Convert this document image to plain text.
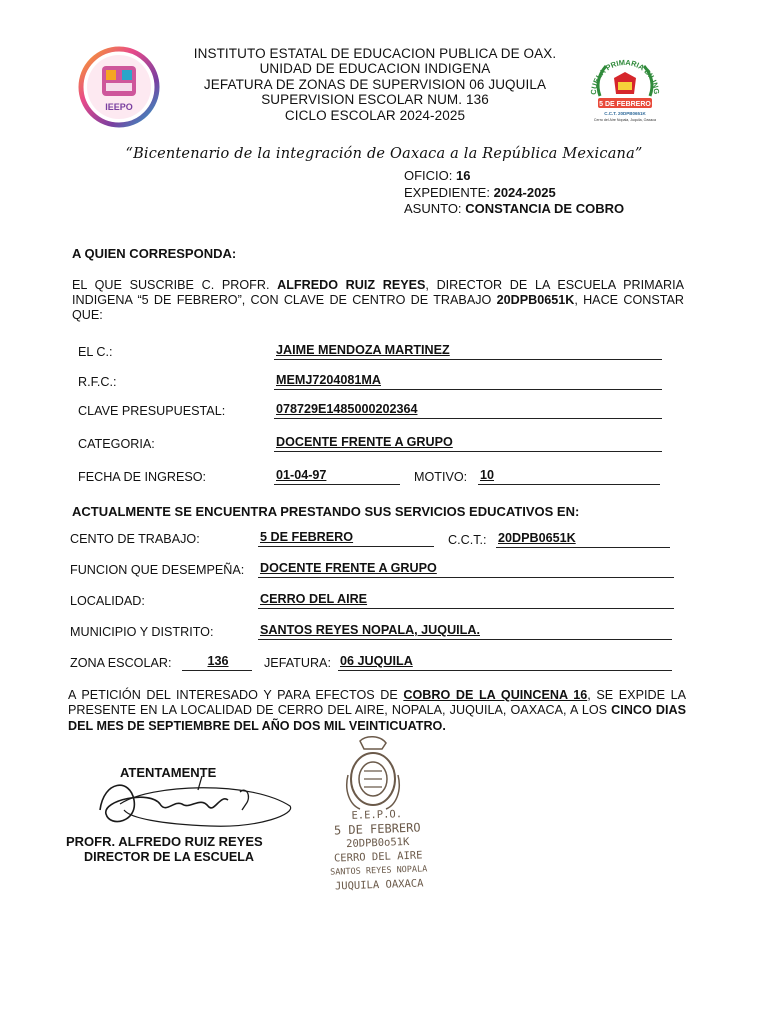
IEEPO
INSTITUTO ESTATAL DE EDUCACION PUBLICA DE OAX.
UNIDAD DE EDUCACION INDIGENA
JEFATURA DE ZONAS DE SUPERVISION 06 JUQUILA
SUPERVISION ESCOLAR NUM. 136
CICLO ESCOLAR 2024-2025
CUELA PRIMARIA BILING
5 DE FEBRERO
C.C.T. 20DPB0651K
Cerro del Aire Nopala, Juquila, Oaxaca
“Bicentenario de la integración de Oaxaca a la República Mexicana”
OFICIO: 16
EXPEDIENTE: 2024-2025
ASUNTO: CONSTANCIA DE COBRO
A QUIEN CORRESPONDA:
EL QUE SUSCRIBE C. PROFR. ALFREDO RUIZ REYES, DIRECTOR DE LA ESCUELA PRIMARIA INDIGENA “5 DE FEBRERO”, CON CLAVE DE CENTRO DE TRABAJO 20DPB0651K, HACE CONSTAR QUE:
EL C.:	JAIME MENDOZA MARTINEZ
R.F.C.:	MEMJ7204081MA
CLAVE PRESUPUESTAL:	078729E1485000202364
CATEGORIA:	DOCENTE FRENTE A GRUPO
FECHA DE INGRESO:	01-04-97	MOTIVO: 10
ACTUALMENTE SE ENCUENTRA PRESTANDO SUS SERVICIOS EDUCATIVOS EN:
CENTO DE TRABAJO:	5 DE FEBRERO	C.C.T.: 20DPB0651K
FUNCION QUE DESEMPEÑA: DOCENTE FRENTE A GRUPO
LOCALIDAD:	CERRO DEL AIRE
MUNICIPIO Y DISTRITO:	SANTOS REYES NOPALA, JUQUILA.
ZONA ESCOLAR:	136	JEFATURA: 06 JUQUILA
A PETICIÓN DEL INTERESADO Y PARA EFECTOS DE COBRO DE LA QUINCENA 16, SE EXPIDE LA PRESENTE EN LA LOCALIDAD DE CERRO DEL AIRE, NOPALA, JUQUILA, OAXACA, A LOS CINCO DIAS DEL MES DE SEPTIEMBRE DEL AÑO DOS MIL VEINTICUATRO.
ATENTAMENTE
PROFR. ALFREDO RUIZ REYES
DIRECTOR DE LA ESCUELA
E.E.P.O.
5 DE FEBRERO
20DPB0o51K
CERRO DEL AIRE
SANTOS REYES NOPALA
JUQUILA OAXACA
